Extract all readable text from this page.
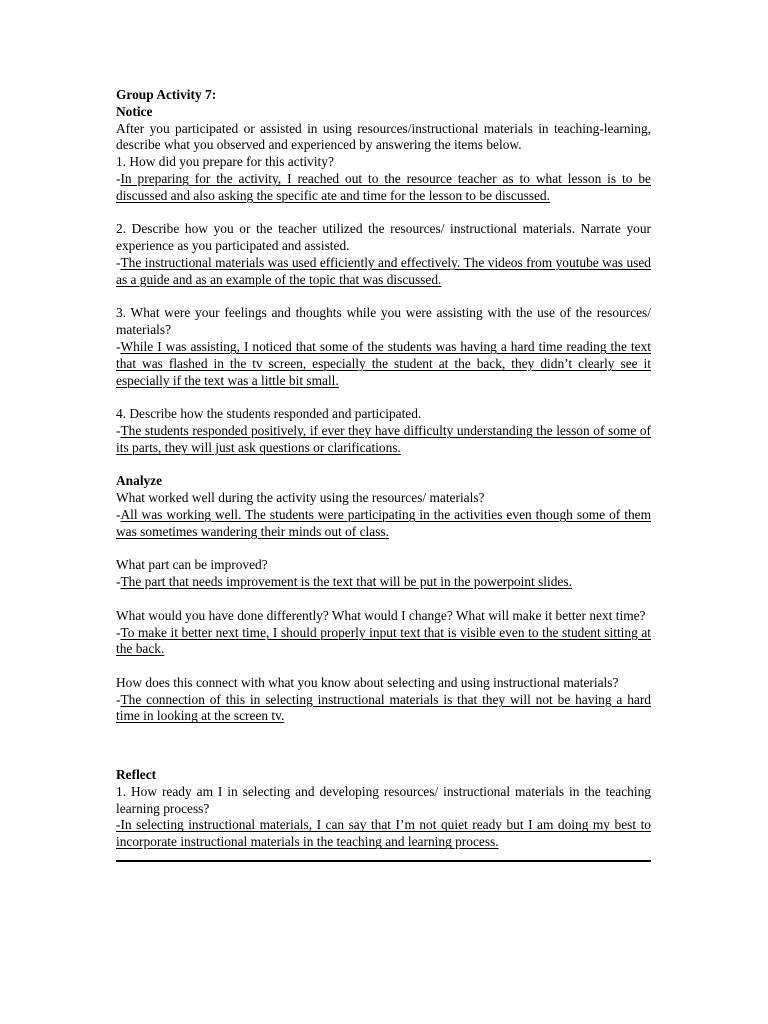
Group Activity 7:

Notice

After you participated or assisted in using resources/instructional materials in teaching-learning, describe what you observed and experienced by answering the items below.

1. How did you prepare for this activity?

-In preparing for the activity, I reached out to the resource teacher as to what lesson is to be discussed and also asking the specific ate and time for the lesson to be discussed.

2. Describe how you or the teacher utilized the resources/ instructional materials. Narrate your experience as you participated and assisted.

-The instructional materials was used efficiently and effectively. The videos from youtube was used as a guide and as an example of the topic that was discussed.

3. What were your feelings and thoughts while you were assisting with the use of the resources/ materials?

-While I was assisting, I noticed that some of the students was having a hard time reading the text that was flashed in the tv screen, especially the student at the back, they didn’t clearly see it especially if the text was a little bit small.

4. Describe how the students responded and participated.

-The students responded positively, if ever they have difficulty understanding the lesson of some of its parts, they will just ask questions or clarifications.

Analyze

What worked well during the activity using the resources/ materials?

-All was working well. The students were participating in the activities even though some of them was sometimes wandering their minds out of class.

What part can be improved?

-The part that needs improvement is the text that will be put in the powerpoint slides.

What would you have done differently? What would I change? What will make it better next time?

-To make it better next time, I should properly input text that is visible even to the student sitting at the back.

How does this connect with what you know about selecting and using instructional materials?

-The connection of this in selecting instructional materials is that they will not be having a hard time in looking at the screen tv.

Reflect

1. How ready am I in selecting and developing resources/ instructional materials in the teaching learning process?

-In selecting instructional materials, I can say that I’m not quiet ready but I am doing my best to incorporate instructional materials in the teaching and learning process.
